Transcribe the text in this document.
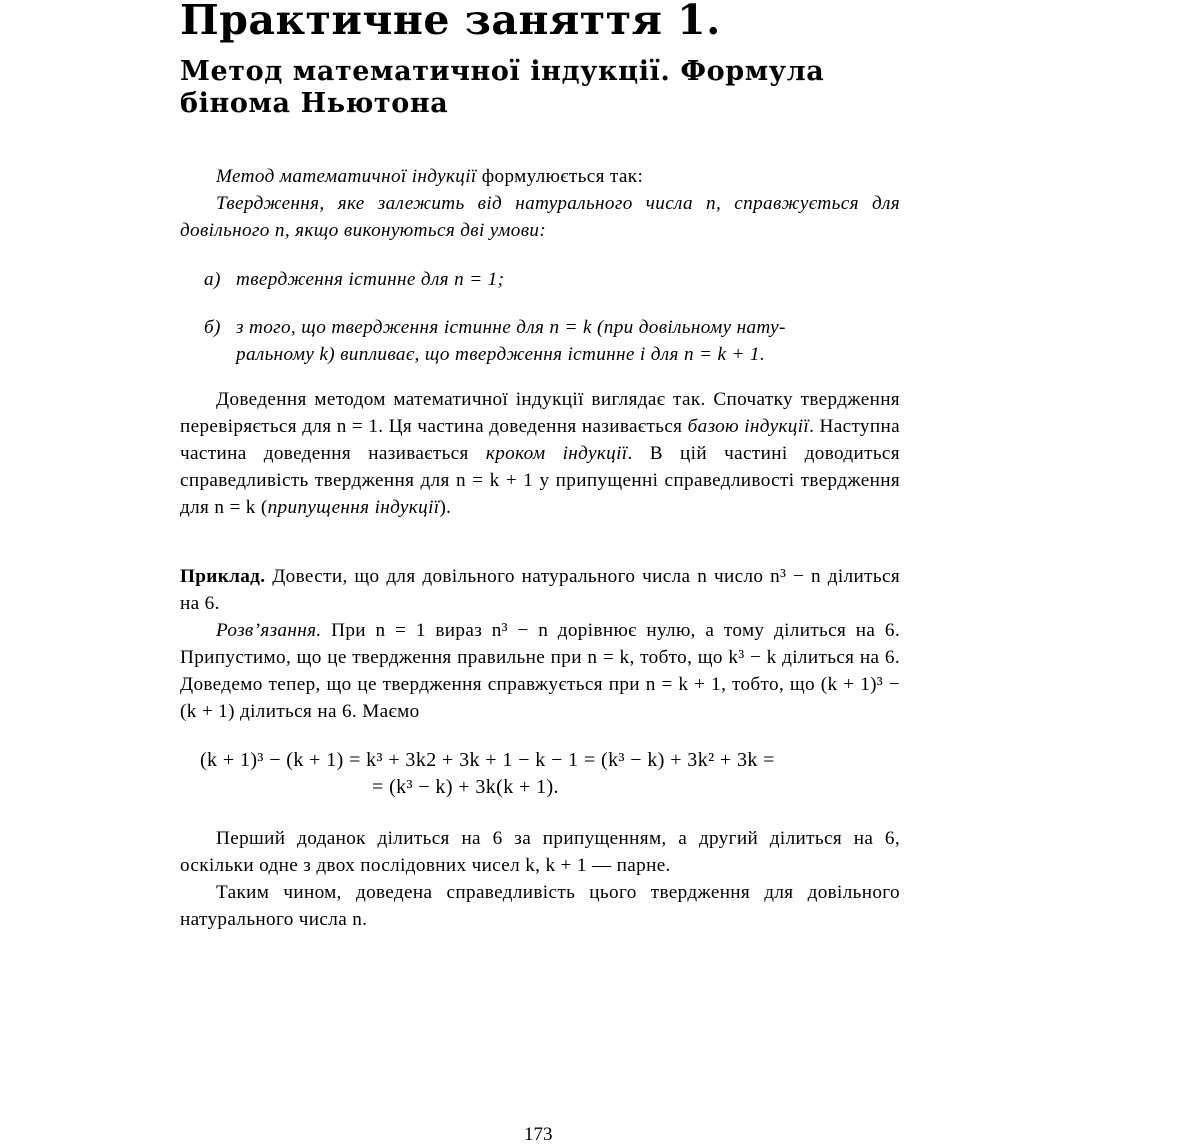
Практичне заняття 1.
Метод математичної індукції. Формула бінома Ньютона

Метод математичної індукції формулюється так:

Твердження, яке залежить від натурального числа n, справжується для довільного n, якщо виконуються дві умови:

а) твердження істинне для n = 1;
б) з того, що твердження істинне для n = k (при довільному нату-
ральному k) випливає, що твердження істинне і для n = k + 1.

Доведення методом математичної індукції виглядає так. Спочатку твердження перевіряється для n = 1. Ця частина доведення називається базою індукції. Наступна частина доведення називається кроком індукції. В цій частині доводиться справедливість твердження для n = k + 1 у припущенні справедливості твердження для n = k (припущення індукції).

Приклад. Довести, що для довільного натурального числа n число n³ − n ділиться на 6.

Розв’язання. При n = 1 вираз n³ − n дорівнює нулю, а тому ділиться на 6. Припустимо, що це твердження правильне при n = k, тобто, що k³ − k ділиться на 6. Доведемо тепер, що це твердження справжується при n = k + 1, тобто, що (k + 1)³ − (k + 1) ділиться на 6. Маємо

(k + 1)³ − (k + 1) = k³ + 3k2 + 3k + 1 − k − 1 = (k³ − k) + 3k² + 3k =
= (k³ − k) + 3k(k + 1).

Перший доданок ділиться на 6 за припущенням, а другий ділиться на 6, оскільки одне з двох послідовних чисел k, k + 1 — парне.

Таким чином, доведена справедливість цього твердження для довільного натурального числа n.

173
